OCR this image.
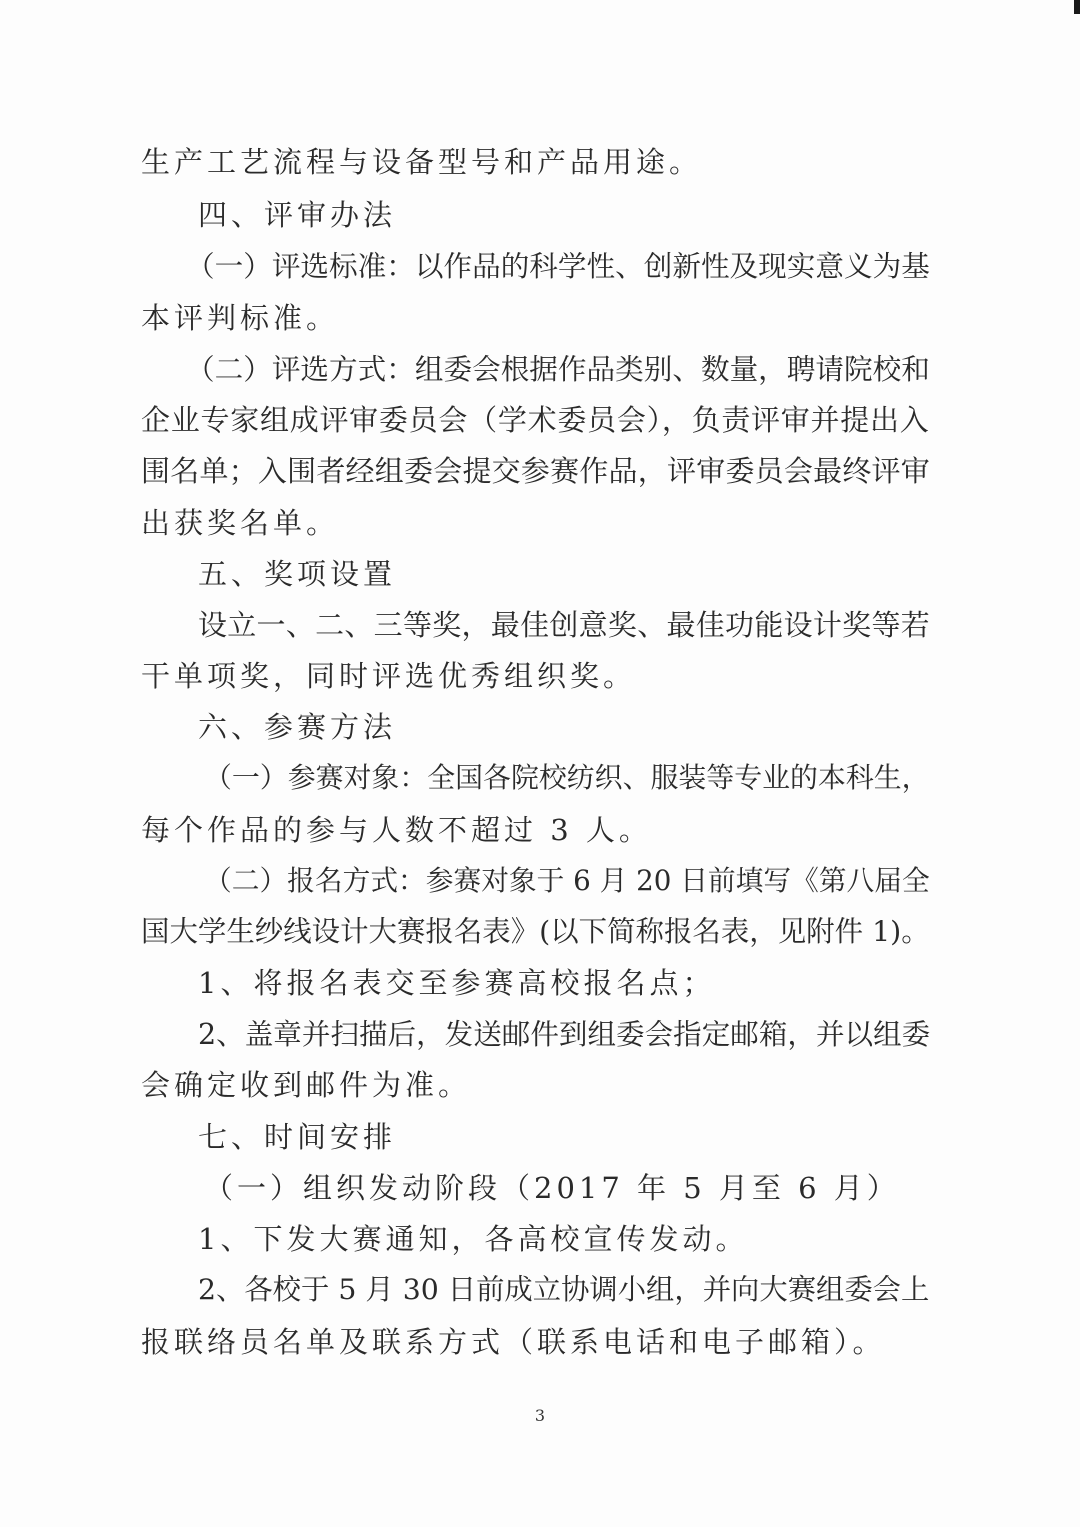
生产工艺流程与设备型号和产品用途。

四、评审办法

（一）评选标准：以作品的科学性、创新性及现实意义为基

本评判标准。

（二）评选方式：组委会根据作品类别、数量，聘请院校和

企业专家组成评审委员会（学术委员会），负责评审并提出入

围名单；入围者经组委会提交参赛作品，评审委员会最终评审

出获奖名单。

五、奖项设置

设立一、二、三等奖，最佳创意奖、最佳功能设计奖等若

干单项奖，同时评选优秀组织奖。

六、参赛方法

（一）参赛对象：全国各院校纺织、服装等专业的本科生，

每个作品的参与人数不超过 3 人。

（二）报名方式：参赛对象于 6 月 20 日前填写《第八届全

国大学生纱线设计大赛报名表》(以下简称报名表，见附件 1)。

1、将报名表交至参赛高校报名点；

2、盖章并扫描后，发送邮件到组委会指定邮箱，并以组委

会确定收到邮件为准。

七、时间安排

（一）组织发动阶段（2017 年 5 月至 6 月）

1、下发大赛通知，各高校宣传发动。

2、各校于 5 月 30 日前成立协调小组，并向大赛组委会上

报联络员名单及联系方式（联系电话和电子邮箱）。

3
